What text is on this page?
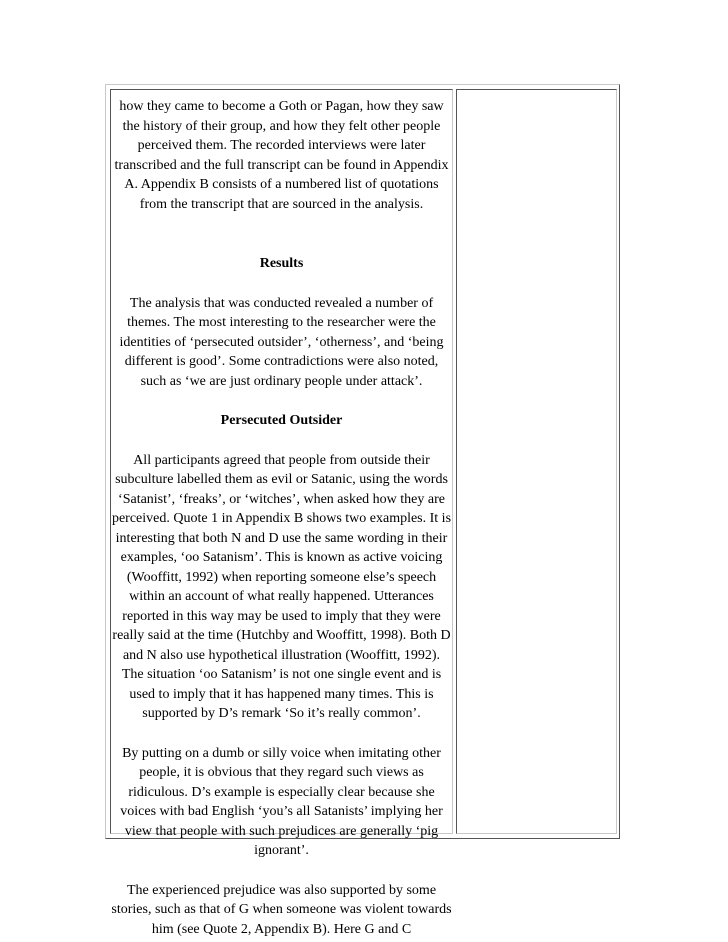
how they came to become a Goth or Pagan, how they saw the history of their group, and how they felt other people perceived them. The recorded interviews were later transcribed and the full transcript can be found in Appendix A. Appendix B consists of a numbered list of quotations from the transcript that are sourced in the analysis.

Results

The analysis that was conducted revealed a number of themes. The most interesting to the researcher were the identities of ‘persecuted outsider’, ‘otherness’, and ‘being different is good’. Some contradictions were also noted, such as ‘we are just ordinary people under attack’.

Persecuted Outsider

All participants agreed that people from outside their subculture labelled them as evil or Satanic, using the words ‘Satanist’, ‘freaks’, or ‘witches’, when asked how they are perceived. Quote 1 in Appendix B shows two examples. It is interesting that both N and D use the same wording in their examples, ‘oo Satanism’. This is known as active voicing (Wooffitt, 1992) when reporting someone else’s speech within an account of what really happened. Utterances reported in this way may be used to imply that they were really said at the time (Hutchby and Wooffitt, 1998). Both D and N also use hypothetical illustration (Wooffitt, 1992). The situation ‘oo Satanism’ is not one single event and is used to imply that it has happened many times. This is supported by D’s remark ‘So it’s really common’.

By putting on a dumb or silly voice when imitating other people, it is obvious that they regard such views as ridiculous. D’s example is especially clear because she voices with bad English ‘you’s all Satanists’ implying her view that people with such prejudices are generally ‘pig ignorant’.

The experienced prejudice was also supported by some stories, such as that of G when someone was violent towards him (see Quote 2, Appendix B). Here G and C
